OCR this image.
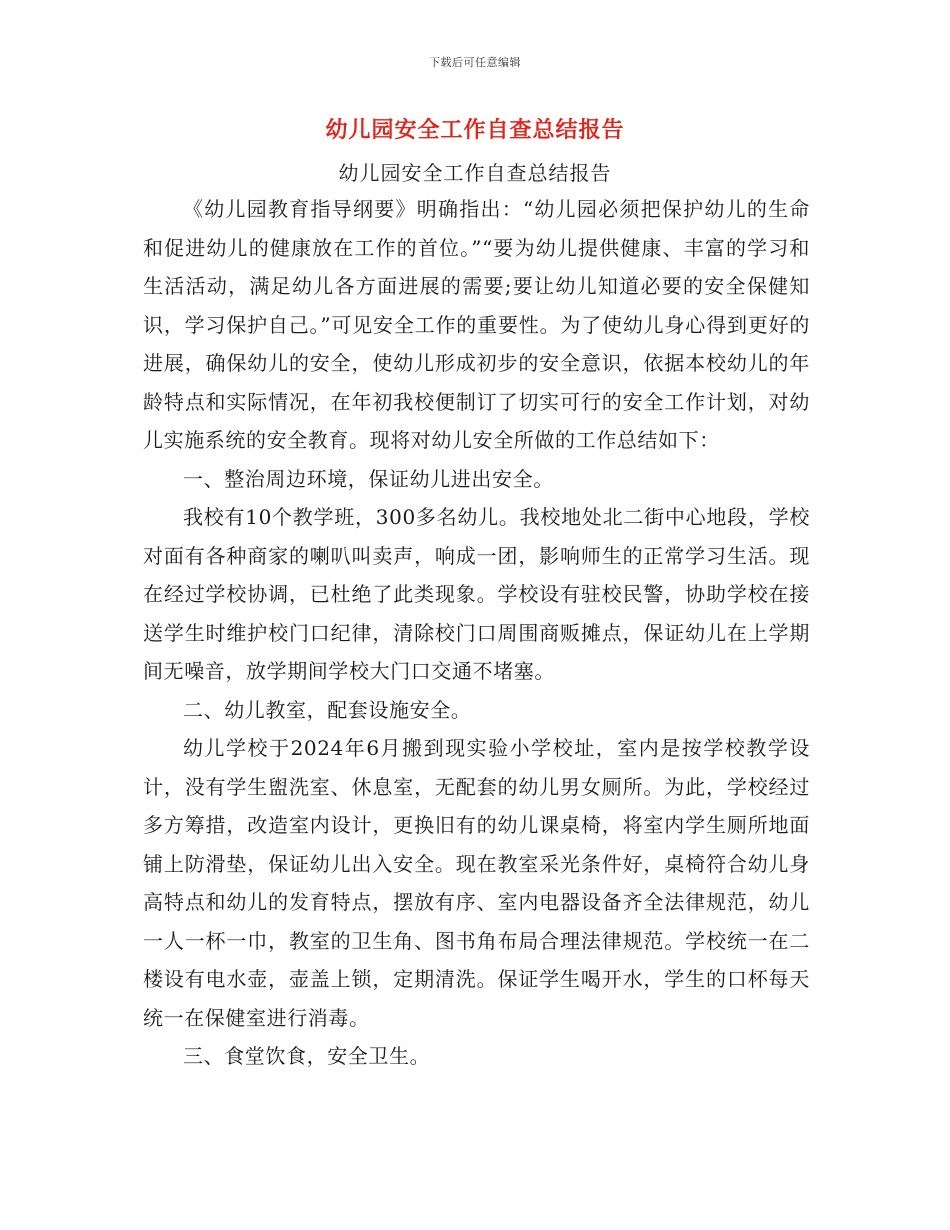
下载后可任意编辑
幼儿园安全工作自查总结报告
幼儿园安全工作自查总结报告

《幼儿园教育指导纲要》明确指出：“幼儿园必须把保护幼儿的生命和促进幼儿的健康放在工作的首位。”“要为幼儿提供健康、丰富的学习和生活活动，满足幼儿各方面进展的需要;要让幼儿知道必要的安全保健知识，学习保护自己。”可见安全工作的重要性。为了使幼儿身心得到更好的进展，确保幼儿的安全，使幼儿形成初步的安全意识，依据本校幼儿的年龄特点和实际情况，在年初我校便制订了切实可行的安全工作计划，对幼儿实施系统的安全教育。现将对幼儿安全所做的工作总结如下：

一、整治周边环境，保证幼儿进出安全。

我校有10个教学班，300多名幼儿。我校地处北二街中心地段，学校对面有各种商家的喇叭叫卖声，响成一团，影响师生的正常学习生活。现在经过学校协调，已杜绝了此类现象。学校设有驻校民警，协助学校在接送学生时维护校门口纪律，清除校门口周围商贩摊点，保证幼儿在上学期间无噪音，放学期间学校大门口交通不堵塞。

二、幼儿教室，配套设施安全。

幼儿学校于2024年6月搬到现实验小学校址，室内是按学校教学设计，没有学生盥洗室、休息室，无配套的幼儿男女厕所。为此，学校经过多方筹措，改造室内设计，更换旧有的幼儿课桌椅，将室内学生厕所地面铺上防滑垫，保证幼儿出入安全。现在教室采光条件好，桌椅符合幼儿身高特点和幼儿的发育特点，摆放有序、室内电器设备齐全法律规范，幼儿一人一杯一巾，教室的卫生角、图书角布局合理法律规范。学校统一在二楼设有电水壶，壶盖上锁，定期清洗。保证学生喝开水，学生的口杯每天统一在保健室进行消毒。

三、食堂饮食，安全卫生。
